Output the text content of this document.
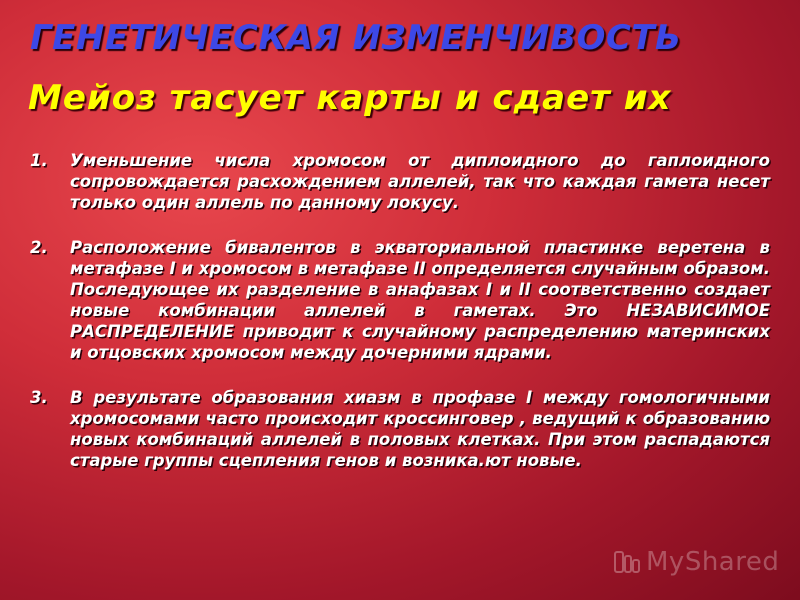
ГЕНЕТИЧЕСКАЯ ИЗМЕНЧИВОСТЬ
Мейоз тасует карты и сдает их

1. Уменьшение числа хромосом от диплоидного до гаплоидного сопровождается расхождением аллелей, так что каждая гамета несет только один аллель по данному локусу.

2. Расположение бивалентов в экваториальной пластинке веретена в метафазе I и хромосом в метафазе II определяется случайным образом. Последующее их разделение в анафазах I и II соответственно создает новые комбинации аллелей в гаметах. Это НЕЗАВИСИМОЕ РАСПРЕДЕЛЕНИЕ приводит к случайному распределению материнских и отцовских хромосом между дочерними ядрами.

3. В результате образования хиазм в профазе I между гомологичными хромосомами часто происходит кроссинговер , ведущий к образованию новых комбинаций аллелей в половых клетках. При этом распадаются старые группы сцепления генов и возника.ют новые.

MyShared
